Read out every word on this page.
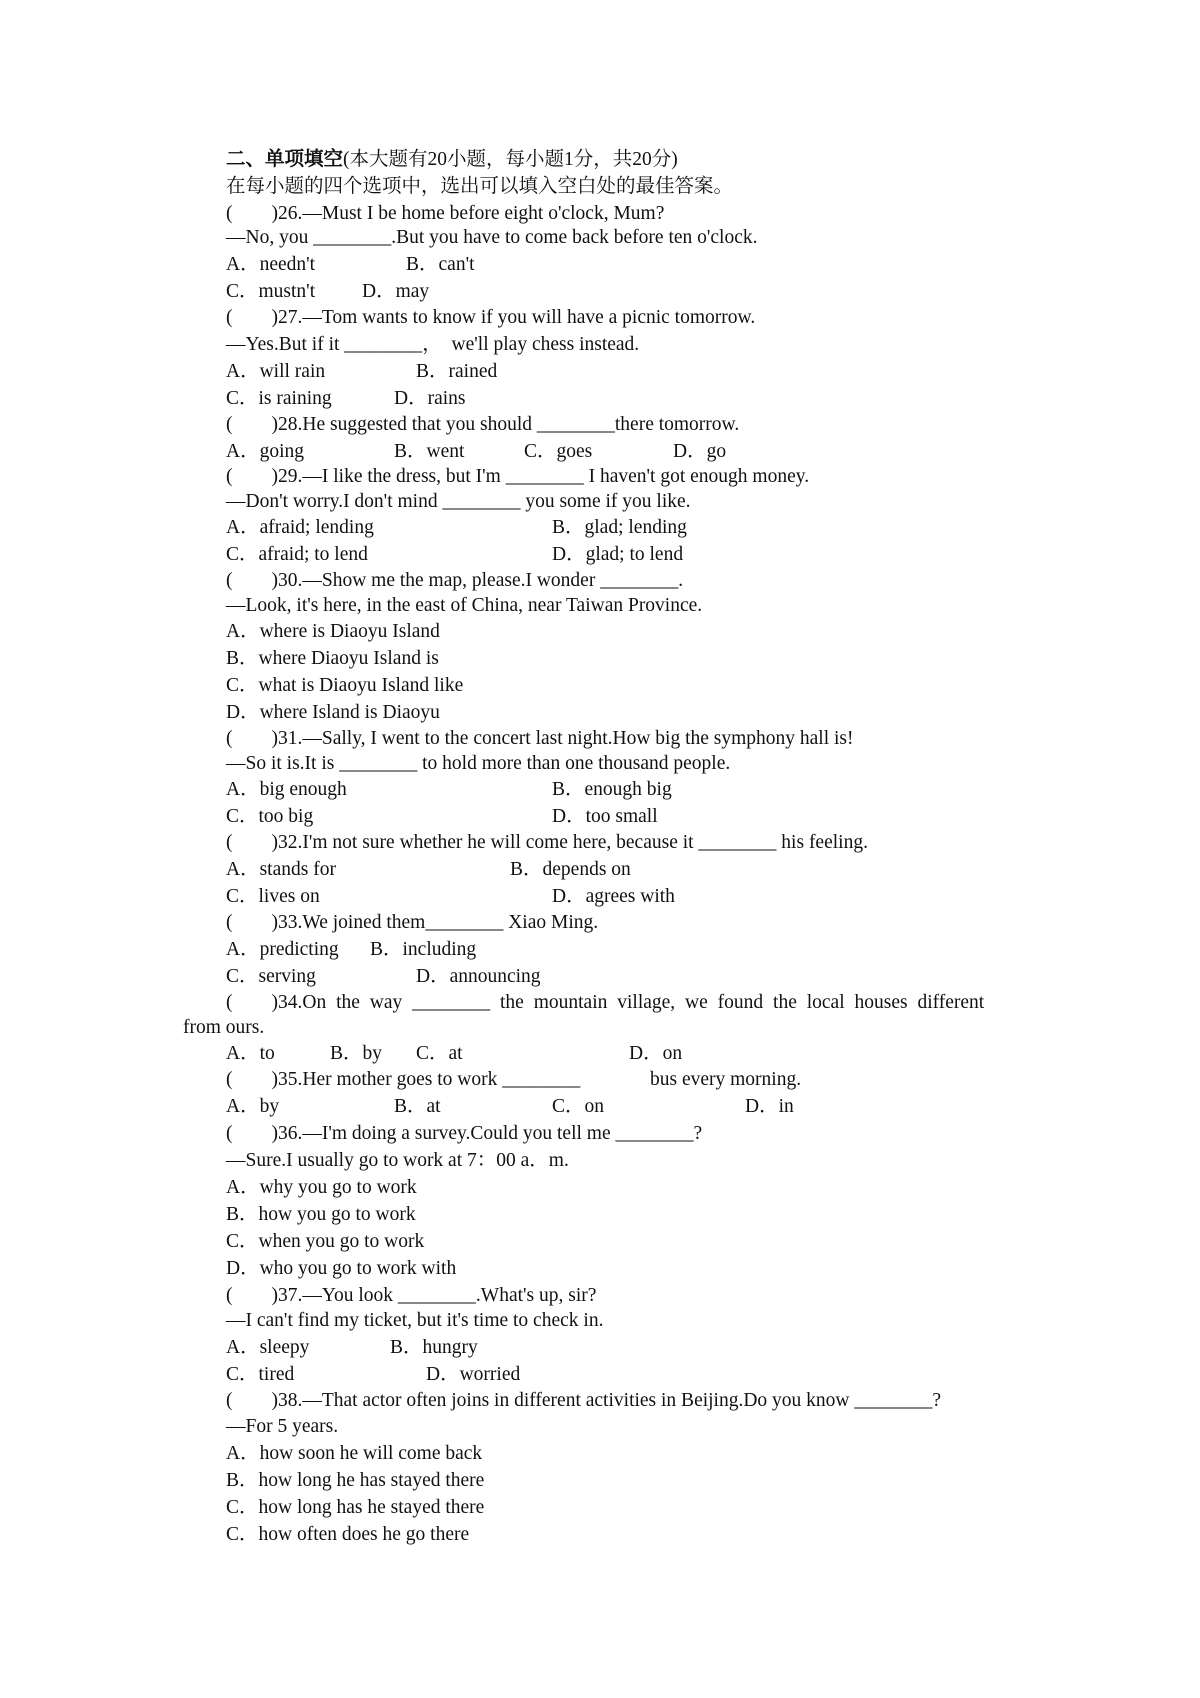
二、单项填空(本大题有20小题，每小题1分，共20分)
在每小题的四个选项中，选出可以填入空白处的最佳答案。
(　　)26.—Must I be home before eight o'clock, Mum?
—No, you ________.But you have to come back before ten o'clock.
A．needn't	B．can't
C．mustn't D．may
(　　)27.—Tom wants to know if you will have a picnic tomorrow.
—Yes.But if it ________，  we'll play chess instead.
A．will rain	B．rained
C．is raining	D．rains
(　　)28.He suggested that you should ________there tomorrow.
A．going	B．went	C．goes	D．go
(　　)29.—I like the dress, but I'm ________ I haven't got enough money.
—Don't worry.I don't mind ________ you some if you like.
A．afraid; lending	B．glad; lending
C．afraid; to lend	D．glad; to lend
(　　)30.—Show me the map, please.I wonder ________.
—Look, it's here, in the east of China, near Taiwan Province.
A．where is Diaoyu Island
B．where Diaoyu Island is
C．what is Diaoyu Island like
D．where Island is Diaoyu
(　　)31.—Sally, I went to the concert last night.How big the symphony hall is!
—So it is.It is ________ to hold more than one thousand people.
A．big enough	B．enough big
C．too big	D．too small
(　　)32.I'm not sure whether he will come here, because it ________ his feeling.
A．stands for	B．depends on
C．lives on	D．agrees with
(　　)33.We joined them________ Xiao Ming.
A．predicting B．including
C．serving	D．announcing
(　　)34.On the way ________ the mountain village, we found the local houses different
from ours.
A．to	B．by C．at	D．on
(　　)35.Her mother goes to work ________	bus every morning.
A．by	B．at	C．on	D．in
(　　)36.—I'm doing a survey.Could you tell me ________?
—Sure.I usually go to work at 7：00 a．m.
A．why you go to work
B．how you go to work
C．when you go to work
D．who you go to work with
(　　)37.—You look ________.What's up, sir?
—I can't find my ticket, but it's time to check in.
A．sleepy	B．hungry
C．tired	D．worried
(　　)38.—That actor often joins in different activities in Beijing.Do you know ________?
—For 5 years.
A．how soon he will come back
B．how long he has stayed there
C．how long has he stayed there
C．how often does he go there
